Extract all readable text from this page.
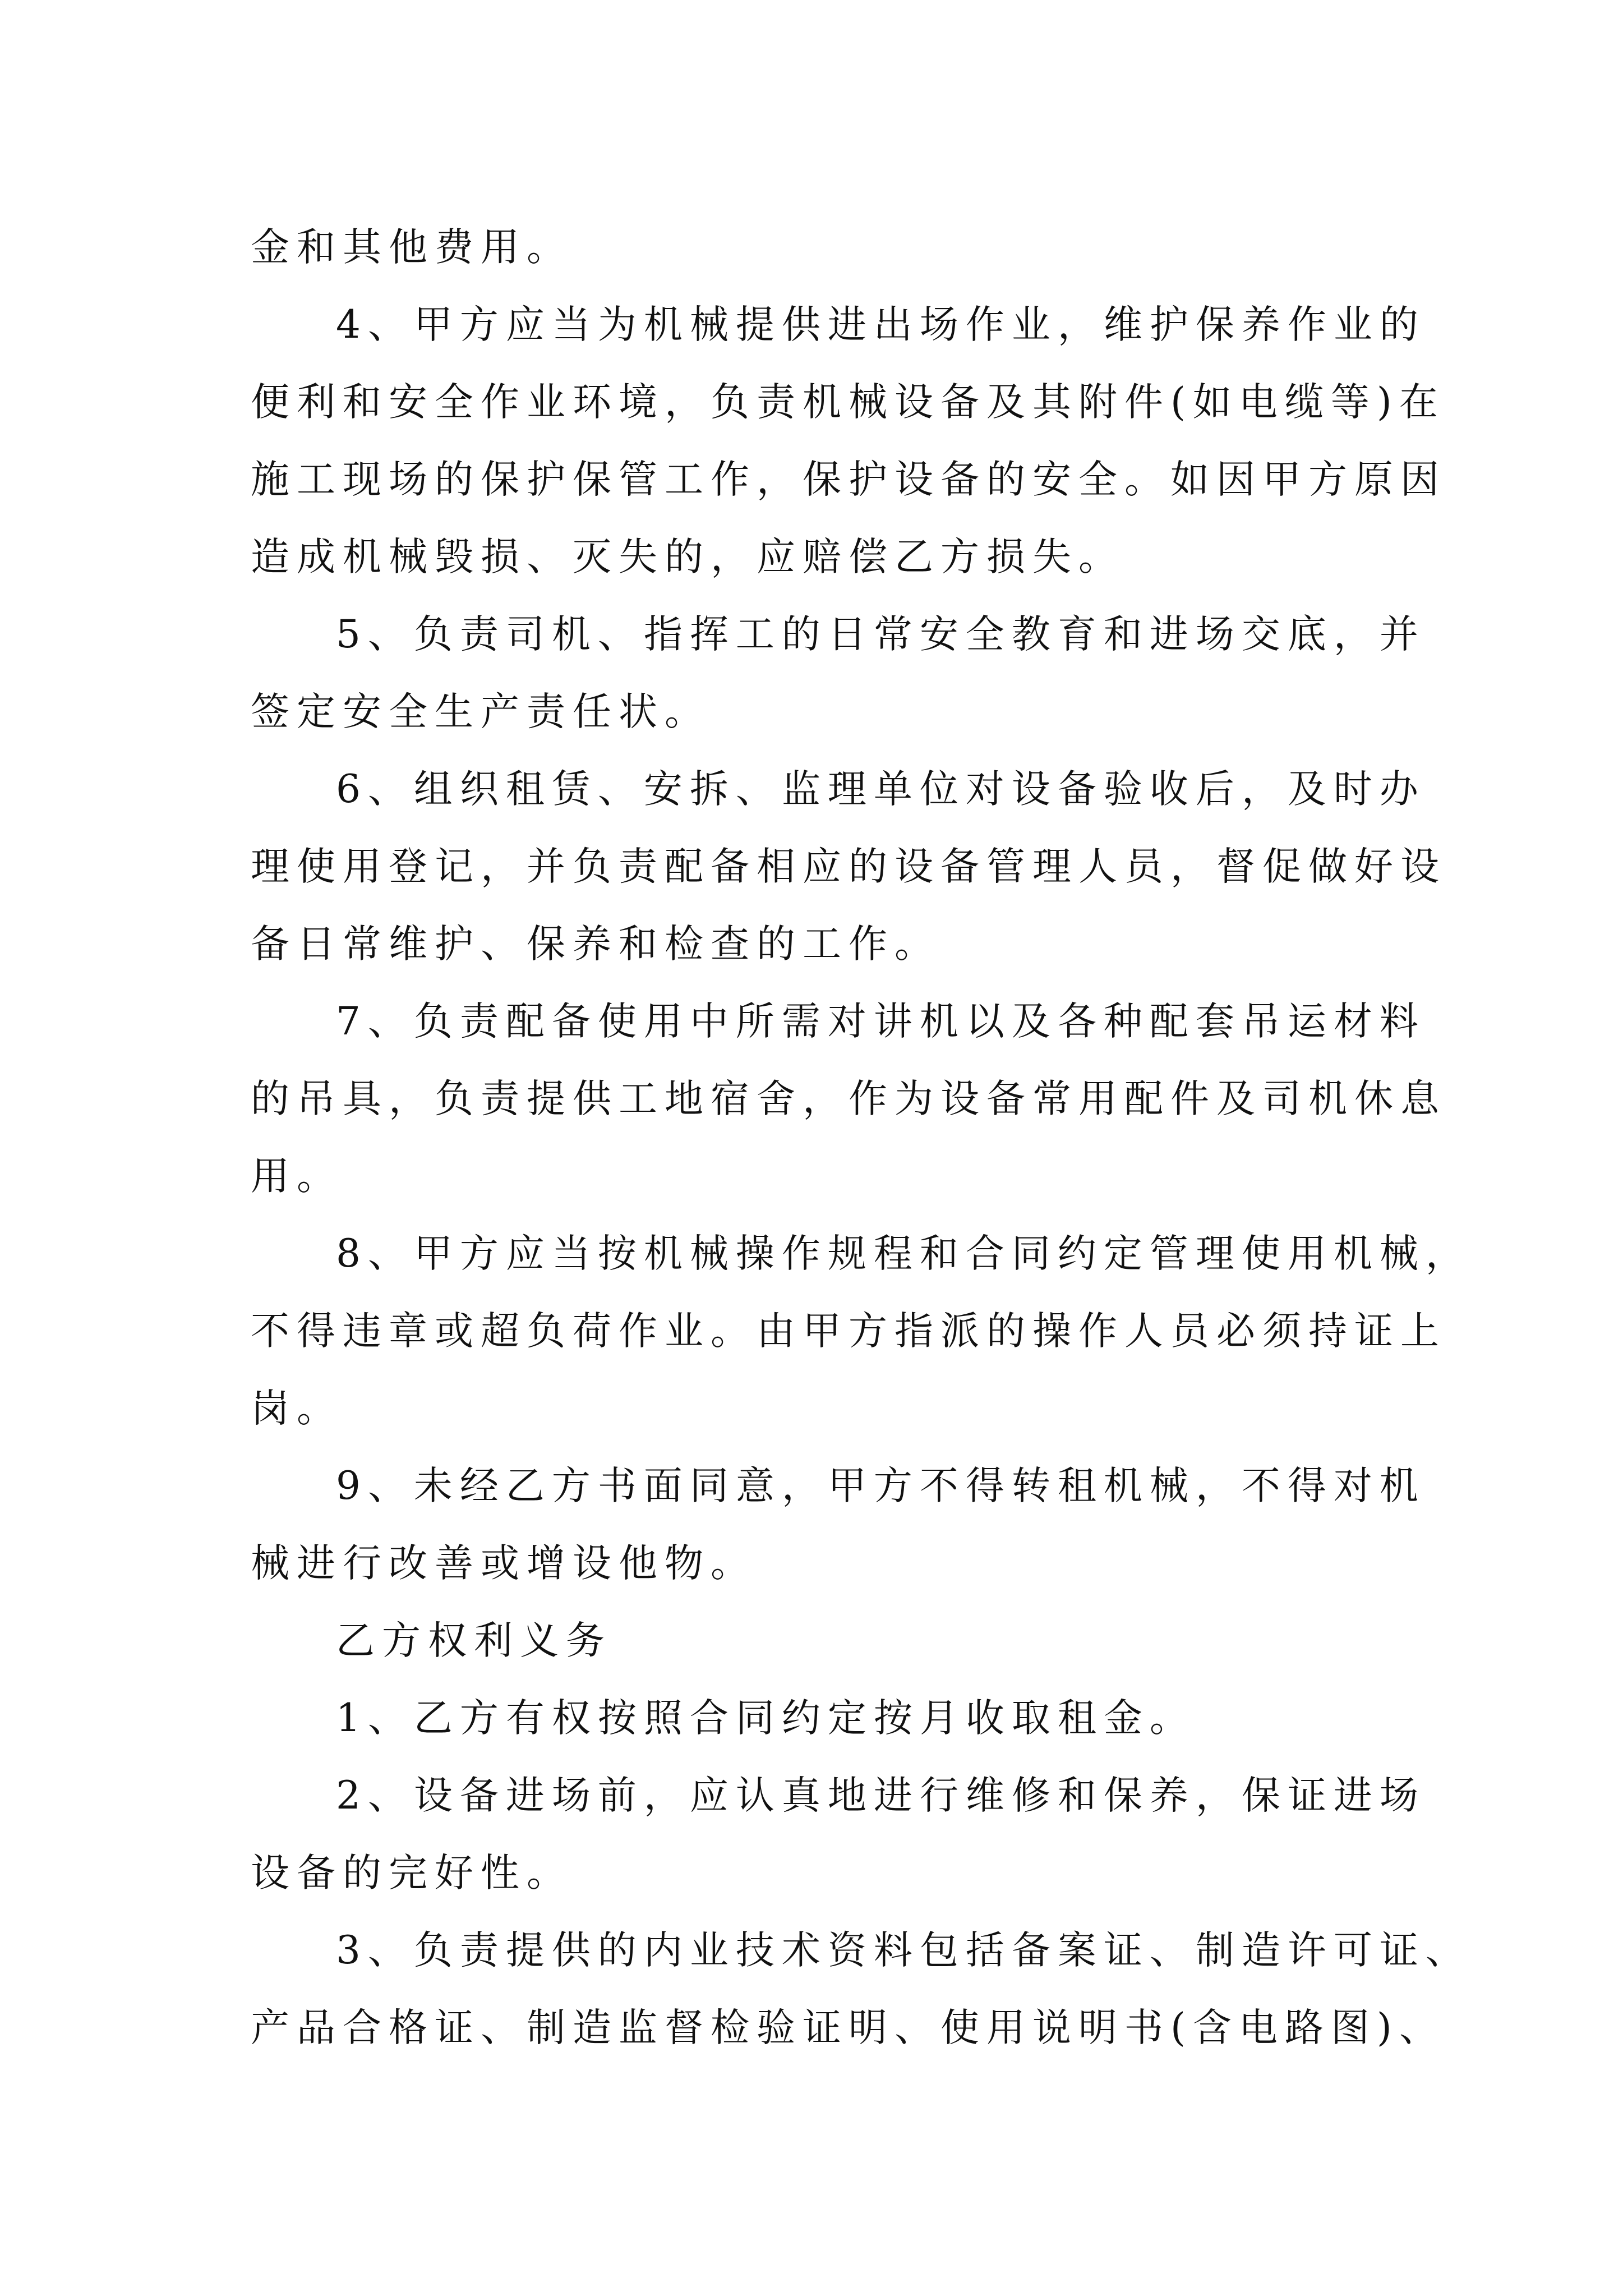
金和其他费用。
4、甲方应当为机械提供进出场作业，维护保养作业的
便利和安全作业环境，负责机械设备及其附件(如电缆等)在
施工现场的保护保管工作，保护设备的安全。如因甲方原因
造成机械毁损、灭失的，应赔偿乙方损失。
5、负责司机、指挥工的日常安全教育和进场交底，并
签定安全生产责任状。
6、组织租赁、安拆、监理单位对设备验收后，及时办
理使用登记，并负责配备相应的设备管理人员，督促做好设
备日常维护、保养和检查的工作。
7、负责配备使用中所需对讲机以及各种配套吊运材料
的吊具，负责提供工地宿舍，作为设备常用配件及司机休息
用。
8、甲方应当按机械操作规程和合同约定管理使用机械，
不得违章或超负荷作业。由甲方指派的操作人员必须持证上
岗。
9、未经乙方书面同意，甲方不得转租机械，不得对机
械进行改善或增设他物。
乙方权利义务
1、乙方有权按照合同约定按月收取租金。
2、设备进场前，应认真地进行维修和保养，保证进场
设备的完好性。
3、负责提供的内业技术资料包括备案证、制造许可证、
产品合格证、制造监督检验证明、使用说明书(含电路图)、
